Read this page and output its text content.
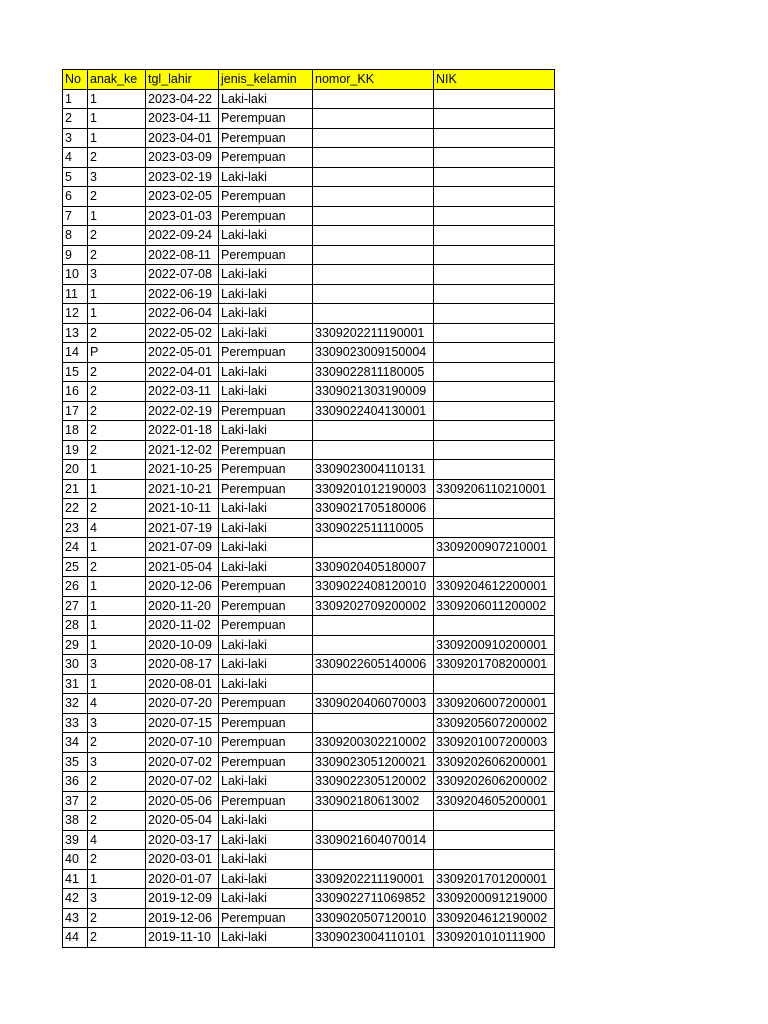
No	anak_ke	tgl_lahir	jenis_kelamin	nomor_KK	NIK
1	1	2023-04-22	Laki-laki		
2	1	2023-04-11	Perempuan		
3	1	2023-04-01	Perempuan		
4	2	2023-03-09	Perempuan		
5	3	2023-02-19	Laki-laki		
6	2	2023-02-05	Perempuan		
7	1	2023-01-03	Perempuan		
8	2	2022-09-24	Laki-laki		
9	2	2022-08-11	Perempuan		
10	3	2022-07-08	Laki-laki		
11	1	2022-06-19	Laki-laki		
12	1	2022-06-04	Laki-laki		
13	2	2022-05-02	Laki-laki	3309202211190001	
14	P	2022-05-01	Perempuan	3309023009150004	
15	2	2022-04-01	Laki-laki	3309022811180005	
16	2	2022-03-11	Laki-laki	3309021303190009	
17	2	2022-02-19	Perempuan	3309022404130001	
18	2	2022-01-18	Laki-laki		
19	2	2021-12-02	Perempuan		
20	1	2021-10-25	Perempuan	3309023004110131	
21	1	2021-10-21	Perempuan	3309201012190003	3309206110210001
22	2	2021-10-11	Laki-laki	3309021705180006	
23	4	2021-07-19	Laki-laki	3309022511110005	
24	1	2021-07-09	Laki-laki		3309200907210001
25	2	2021-05-04	Laki-laki	3309020405180007	
26	1	2020-12-06	Perempuan	3309022408120010	3309204612200001
27	1	2020-11-20	Perempuan	3309202709200002	3309206011200002
28	1	2020-11-02	Perempuan		
29	1	2020-10-09	Laki-laki		3309200910200001
30	3	2020-08-17	Laki-laki	3309022605140006	3309201708200001
31	1	2020-08-01	Laki-laki		
32	4	2020-07-20	Perempuan	3309020406070003	3309206007200001
33	3	2020-07-15	Perempuan		3309205607200002
34	2	2020-07-10	Perempuan	3309200302210002	3309201007200003
35	3	2020-07-02	Perempuan	3309023051200021	3309202606200001
36	2	2020-07-02	Laki-laki	3309022305120002	3309202606200002
37	2	2020-05-06	Perempuan	330902180613002	3309204605200001
38	2	2020-05-04	Laki-laki		
39	4	2020-03-17	Laki-laki	3309021604070014	
40	2	2020-03-01	Laki-laki		
41	1	2020-01-07	Laki-laki	3309202211190001	3309201701200001
42	3	2019-12-09	Laki-laki	3309022711069852	3309200091219000
43	2	2019-12-06	Perempuan	3309020507120010	3309204612190002
44	2	2019-11-10	Laki-laki	3309023004110101	3309201010111900
